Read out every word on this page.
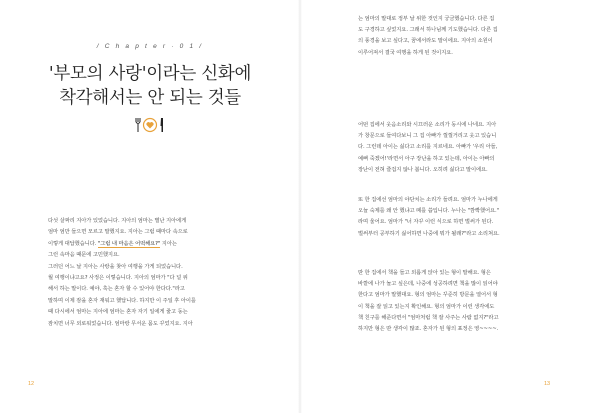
/ C h a p t e r · 0 1 /
'부모의 사랑'이라는 신화에
착각해서는 안 되는 것들

다섯 살짜리 지아가 있었습니다. 지아의 엄마는 별난 지아에게

엄마 엄만 들으면 모르고 말했지요. 지아는 그럼 때마다 속으로

이렇게 대답했습니다. "그럼 내 마음은 어떡해요?" 지아는

그런 속마음 때문에 고민했지요.

그러던 어느 날 지아는 사랑을 찾아 여행을 가게 되었습니다.

월 여행이냐고요? 사정은 이렇습니다. 지아의 엄마가 "다 널 위

해서 하는 말이다. 예야, 혹는 혼자 할 수 있어야 한다다."라고

말하며 이제 잠을 혼자 재워고 했답니다. 하지만 이 주일 후 아이를

때 다시에서 엄마는 지아에 엄마는 혼자 자기 일에게 줄고 동는

잠치면 너무 외로워었습니다. 엄마랑 무서운 몸도 꾸었지요. 지아

12

는 엄마의 말대로 정부 날 위한 것인지 궁금했습니다. 다른 집

도 구경하고 싶었지요. 그래서 하나님께 기도했습니다. 다른 집

의 풍경을 보고 싶다고, 꿈에서라도 말이에요. 지아의 소원이

이루어져서 결국 여행을 하게 된 것이지요.

어떤 집에서 웃음소리와 시끄러운 소리가 동시에 나네요. 지아

가 창문으로 들여다보니 그 집 아빠가 껄껄거리고 웃고 있습니

다. 그런데 아이는 싫다고 소리를 지르네요. 아빠가 '우리 아들,

예뻐 죽겠어!'라면서 아구 장난을 하고 있는데, 아이는 아빠의

장난이 전혀 즐겁지 않나 봅니다. 오히려 싫다고 말이에요.

또 한 집에선 엄마의 야단치는 소리가 들려요. 엄마가 누나에게

오늘 숙제를 왜 안 했냐고 떼를 씁입니다. 누나는 "깜빡했어요."

라며 울어요. 엄마가 "너 자꾸 이런 식으로 하면 벌써가 된다.

벌써부터 공부하기 싫어하면 나중에 뭐가 될래?"라고 소리쳐요.

딴 한 집에서 책을 들고 외롭게 앉아 있는 형이 말해요. 형은

바깥에 나가 놀고 싶은데, 나중에 성공하려면 책을 많이 읽어야

한다고 엄마가 말했대요. 형의 엄마는 꾸준히 방문을 열어서 형

이 책을 잘 읽고 있는지 확인해요. 형의 엄마가 이런 생각에도

책 친구를 해준다면서 "엄마처럼 책 잘 사주는 사람 없지?"라고

하지만 형은 딴 생각이 많죠. 혼자가 된 형의 표정은 영~~~~.

13
